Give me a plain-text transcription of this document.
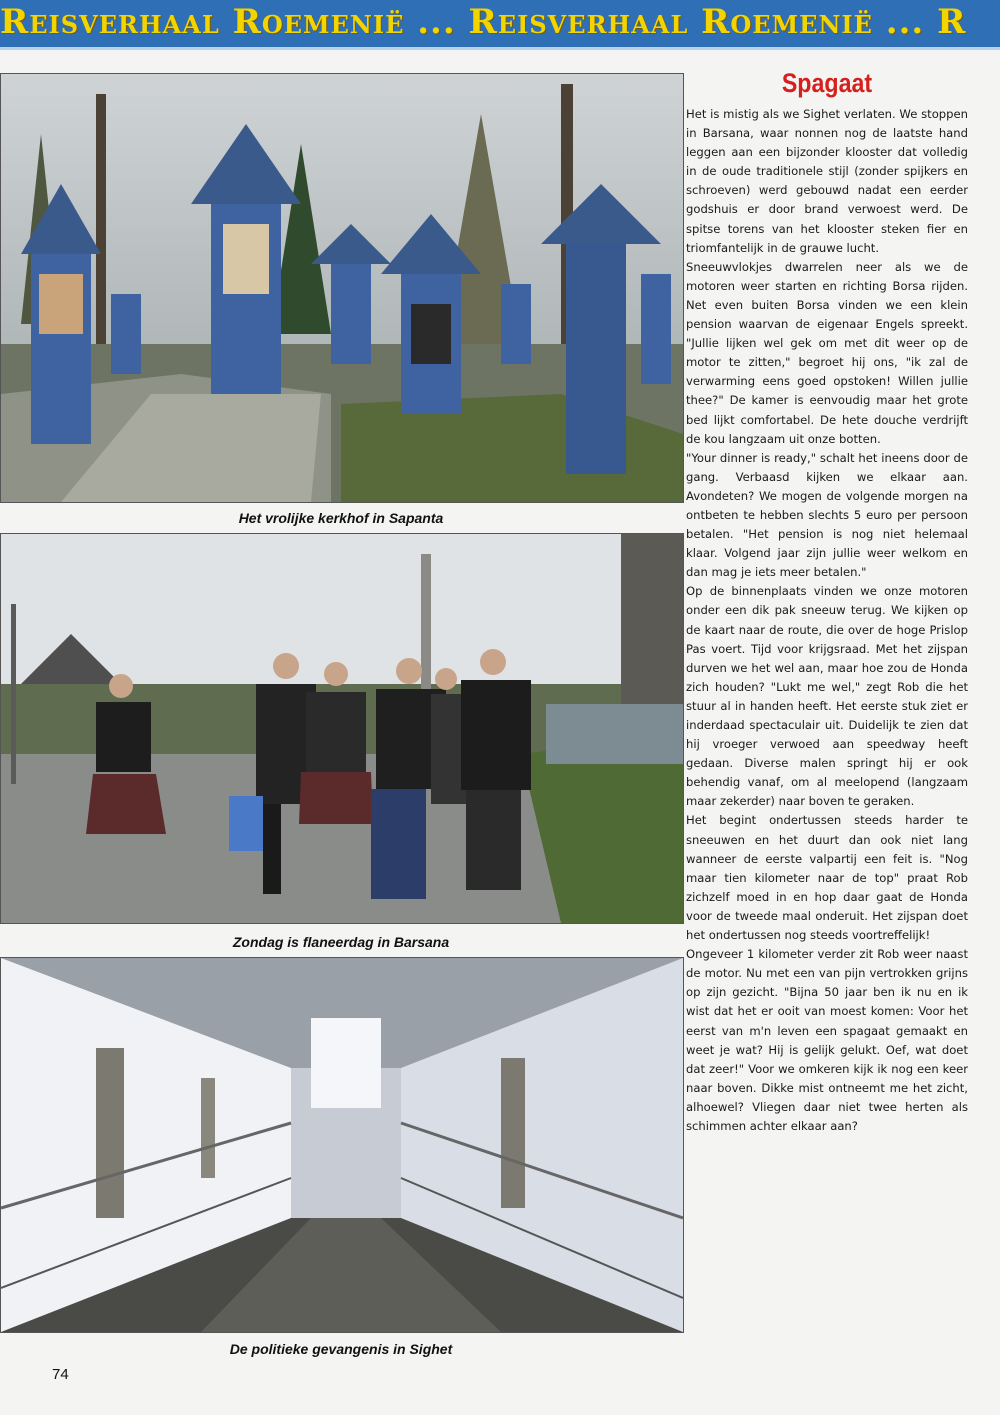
Reisverhaal Roemenië ... Reisverhaal Roemenië ... R
Het vrolijke kerkhof in Sapanta
Zondag is flaneerdag in Barsana
De politieke gevangenis in Sighet
Spagaat

Het is mistig als we Sighet verlaten. We stoppen in Barsana, waar nonnen nog de laatste hand leggen aan een bijzonder klooster dat volledig in de oude traditionele stijl (zonder spijkers en schroeven) werd gebouwd nadat een eerder godshuis er door brand verwoest werd. De spitse torens van het klooster steken fier en triomfantelijk in de grauwe lucht.

Sneeuwvlokjes dwarrelen neer als we de motoren weer starten en richting Borsa rijden. Net even buiten Borsa vinden we een klein pension waarvan de eigenaar Engels spreekt. "Jullie lijken wel gek om met dit weer op de motor te zitten," begroet hij ons, "ik zal de verwarming eens goed opstoken! Willen jullie thee?" De kamer is eenvoudig maar het grote bed lijkt comfortabel. De hete douche verdrijft de kou langzaam uit onze botten.

"Your dinner is ready," schalt het ineens door de gang. Verbaasd kijken we elkaar aan. Avondeten? We mogen de volgende morgen na ontbeten te hebben slechts 5 euro per persoon betalen. "Het pension is nog niet helemaal klaar. Volgend jaar zijn jullie weer welkom en dan mag je iets meer betalen."

Op de binnenplaats vinden we onze motoren onder een dik pak sneeuw terug. We kijken op de kaart naar de route, die over de hoge Prislop Pas voert. Tijd voor krijgsraad. Met het zijspan durven we het wel aan, maar hoe zou de Honda zich houden? "Lukt me wel," zegt Rob die het stuur al in handen heeft. Het eerste stuk ziet er inderdaad spectaculair uit. Duidelijk te zien dat hij vroeger verwoed aan speedway heeft gedaan. Diverse malen springt hij er ook behendig vanaf, om al meelopend (langzaam maar zekerder) naar boven te geraken.

Het begint ondertussen steeds harder te sneeuwen en het duurt dan ook niet lang wanneer de eerste valpartij een feit is. "Nog maar tien kilometer naar de top" praat Rob zichzelf moed in en hop daar gaat de Honda voor de tweede maal onderuit. Het zijspan doet het ondertussen nog steeds voortreffelijk!

Ongeveer 1 kilometer verder zit Rob weer naast de motor. Nu met een van pijn vertrokken grijns op zijn gezicht. "Bijna 50 jaar ben ik nu en ik wist dat het er ooit van moest komen: Voor het eerst van m'n leven een spagaat gemaakt en weet je wat? Hij is gelijk gelukt. Oef, wat doet dat zeer!" Voor we omkeren kijk ik nog een keer naar boven. Dikke mist ontneemt me het zicht, alhoewel? Vliegen daar niet twee herten als schimmen achter elkaar aan?

74
